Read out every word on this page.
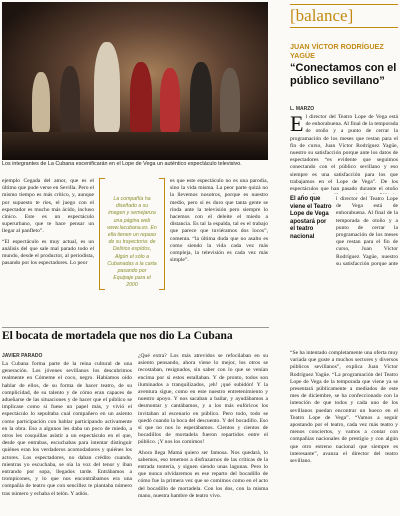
Los integrantes de La Cubana escenificarán en el Lope de Vega un auténtico espectáculo televisivo.

ejemplo Cegada del amor, que es el último que pude verse en Sevilla. Pero el mismo tiempo es más crítico, y, aunque por supuesto te ríes, el juego con el espectador es mucho más ácido, incluso cínico. Este es un espectáculo superurbano, que te hace pensar un llegar al panfleto”.

“El espectáculo es muy actual, es un análisis del que sale mal parado todo el mundo, desde el productor, al periodista, pasando por los espectadores. Lo peor

La compañía ha diseñado a su imagen y semejanza una página web www.lacubana.es. En ella tienen un repaso de su trayectoria: de Delirios espídos, Algún el sólo a Cubanadas a la carta pasando por Equipaje para el 2000

es que este espectáculo no es una parodia, sino la vida misma. La peor parte quizá no la llevemos nosotros, porque es nuestro medio, pero sí es duro que tanta gente se rinda ante la televisión pero siempre lo hacemos con el deleite el miedo a distancia. Es tal la espalda, tal es el trabajo que parece que tuviéramos dos locos”, comenta. “la última duda que no asalto es como siendo la vida cada vez más compleja, la televisión es cada vez más simple”.

El bocata de mortadela que nos dio La Cubana
JAVIER PARADO

La Cubana forma parte de la reina cultural de una generación. Los jóvenes sevillanos los descubrimos realmente en Cómeme el coco, negro. Habíamos oído hablar de ellos, de su forma de hacer teatro, de su complicidad, de su talento y de cómo eran capaces de adueñarse de las situaciones y de hacer que el público se implicase como si fuese un papel más, y vivió el espectáculo lo sepultaba cual compañero en un asiento como participación con hablar participando activamente en la obra. Eso a algunos les daba un poco de miedo, a otros les cosquillas asistir a un espectáculo en el que, desde que entrabas, escuchabas para intentar distinguir quiénes eran los verdaderos acomodadores y quiénes los actores. Los espectadores, no daban crédito cuando, mientras yo escuchaba, se oía la voz del tenor y iban entrando por sopa, llegados tarde. Entrábamos a trompicones, y lo que nos encontrábamos era una compañía de teatro que con sencillez te plantaba número tras número y echaba el telón. Y adiós.

¿Qué extra? Los más atrevidos se refocilaban en su asiento pensando, ahora viene lo mejor, los otros se recostaban, resignados, sin saber con lo que se venían encima por si estos estallaban. Y de pronto, todos son iluminados a tranquilizados, ¡eh! ¡qué subidón! Y la aventura sigue, como en este nuestro entretenimiento y nuestro apoyo. Y nos sacaban a bailar, y ayudábamos a desmontar y cantábamos, y a los más eufóricos los invitaban al escenario en público. Pero todo, todo se quedó cuando la boca del descuento. Y del bocadillo. Eso sí que no nos lo esperábamos. Cientos y cientos de bocadillos de mortadela fueron repartidos entre el público. ¡Y nos los comimos!

Ahora llega Mamá quiero ser famosa. Nos quedará, lo sabemos, eso tenemos a disfrazarnos de las críticas de la entrada tontería, y siguen siendo unas lagunas. Pero lo que nunca olvidaremos es ese reparto del bocadillo de cómo fue la primera vez que se comimos como en el acto del bocadillo de mortadela. Con los dos, con la misma mano, nuestra hambre de teatro vivo.

[balance]
JUAN VÍCTOR RODRÍGUEZ YAGÜE
“Conectamos con el público sevillano”
L. MARZO
E l director del Teatro Lope de Vega está de enhorabuena. Al final de la temporada de otoño y a punto de cerrar la programación de los meses que restan para el fin de curso, Juan Víctor Rodríguez Yagüe, nuestro su satisfacción porque ante los datos de espectadores “es evidente que seguimos conectando con el público sevillano y eso siempre es una satisfacción para los que trabajamos en el Lope de Vega”. De los espectáculos que han pasado durante el otoño
El año que viene el Teatro Lope de Vega apostará por el teatro nacional
l director del Teatro Lope de Vega está de enhorabuena. Al final de la temporada de otoño y a punto de cerrar la programación de los meses que restan para el fin de curso, Juan Víctor Rodríguez Yagüe, nuestro su satisfacción porque ante
“Se ha intentado completamente una oferta muy variada que guste a muchos sectores y diversos públicos sevillanos”, explica Juan Víctor Rodríguez Yagüe. “La programación del Teatro Lope de Vega de la temporada que viene ya se presentará públicamente a mediados de este mes de diciembre, se ha confeccionado con la intención de que todos y cada uno de los sevillanos puedan encontrar un hueco en el Teatro Lope de Vega”. “Vamos a seguir apostando por el teatro, cada vez más teatro y menos conciertos, y vamos a contar con compañías nacionales de prestigio y con algún que otro estreno nacional que siempre es interesante”, avanza el director del teatro sevillano.
